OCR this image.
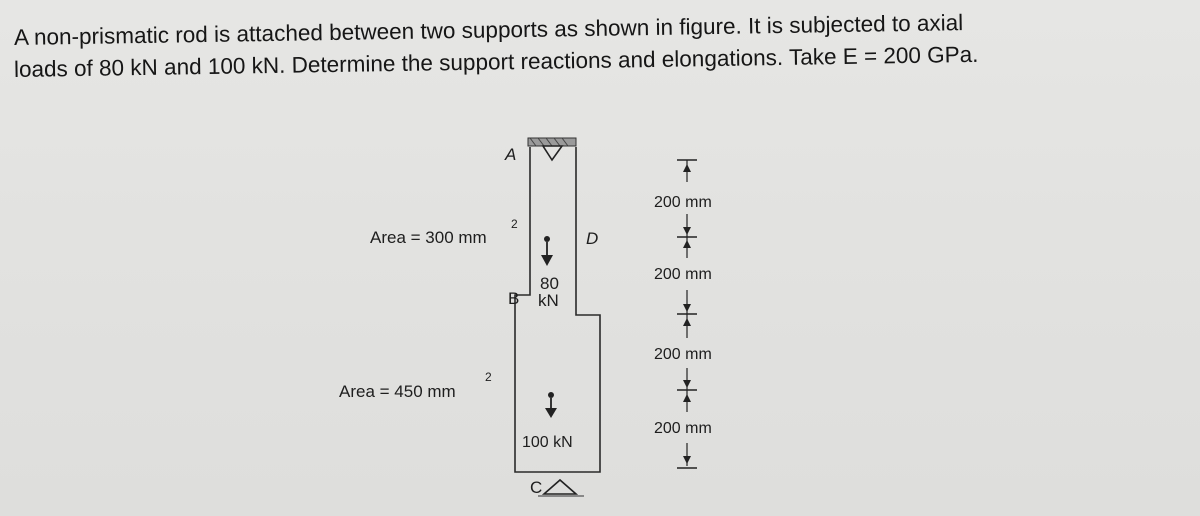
A non-prismatic rod is attached between two supports as shown in figure. It is subjected to axial
loads of 80 kN and 100 kN. Determine the support reactions and elongations. Take E = 200 GPa.
A
D
B
C
Area = 300 mm
2
Area = 450 mm
2
80
kN
100 kN
200 mm
200 mm
200 mm
200 mm
